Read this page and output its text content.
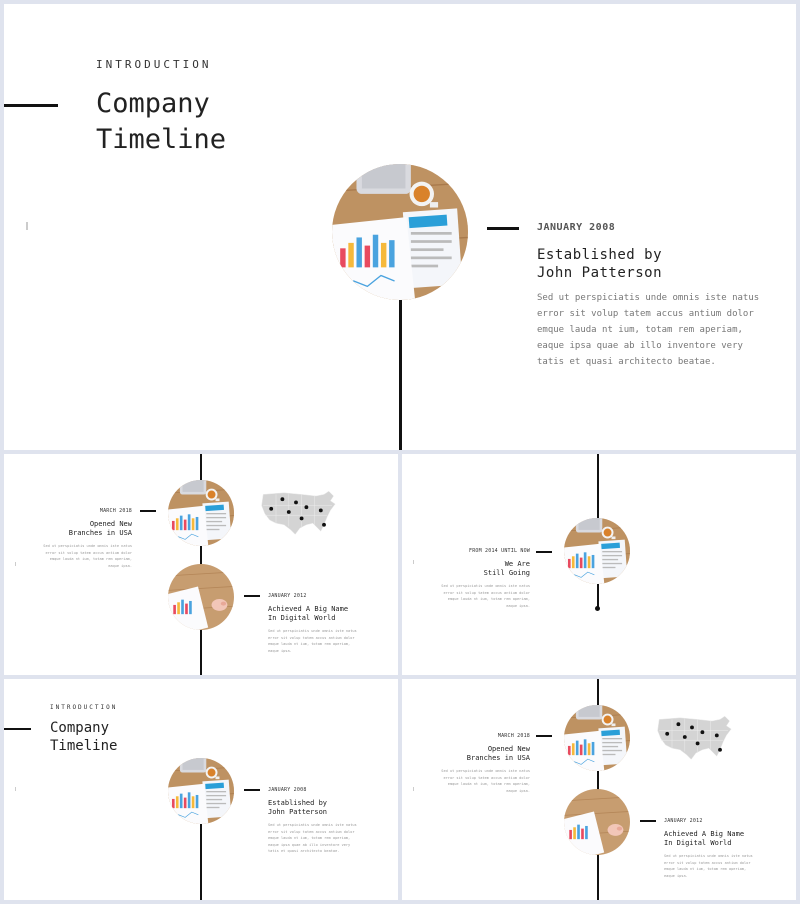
INTRODUCTION
Company
Timeline
JANUARY 2008
Established by
John Patterson
Sed ut perspiciatis unde omnis iste natus
error sit volup tatem accus antium dolor
emque lauda nt ium, totam rem aperiam,
eaque ipsa quae ab illo inventore very
tatis et quasi architecto beatae.
MARCH 2018
Opened New
Branches in USA
Sed ut perspiciatis unde omnis iste natus
error sit volup tatem accus antium dolor
emque lauda nt ium, totam rem aperiam,
eaque ipsa.
JANUARY 2012
Achieved A Big Name
In Digital World
Sed ut perspiciatis unde omnis iste natus
error sit volup tatem accus antium dolor
emque lauda nt ium, totam rem aperiam,
eaque ipsa.
FROM 2014 UNTIL NOW
We Are
Still Going
Sed ut perspiciatis unde omnis iste natus
error sit volup tatem accus antium dolor
emque lauda nt ium, totam rem aperiam,
eaque ipsa.
INTRODUCTION
Company
Timeline
JANUARY 2008
Established by
John Patterson
Sed ut perspiciatis unde omnis iste natus
error sit volup tatem accus antium dolor
emque lauda nt ium, totam rem aperiam,
eaque ipsa quae ab illo inventore very
tatis et quasi architecto beatae.
MARCH 2018
Opened New
Branches in USA
Sed ut perspiciatis unde omnis iste natus
error sit volup tatem accus antium dolor
emque lauda nt ium, totam rem aperiam,
eaque ipsa.
JANUARY 2012
Achieved A Big Name
In Digital World
Sed ut perspiciatis unde omnis iste natus
error sit volup tatem accus antium dolor
emque lauda nt ium, totam rem aperiam,
eaque ipsa.
